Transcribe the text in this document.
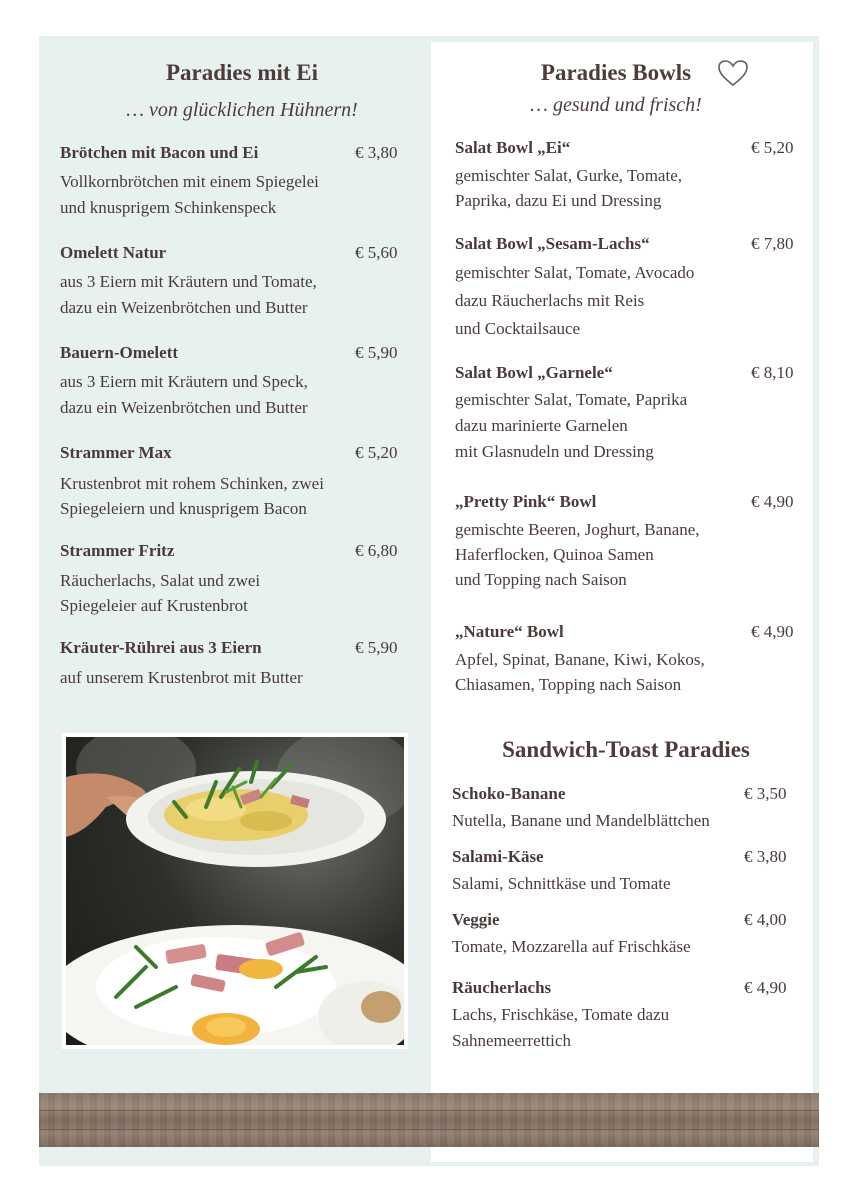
Paradies mit Ei
… von glücklichen Hühnern!
Brötchen mit Bacon und Ei	€ 3,80
Vollkornbrötchen mit einem Spiegelei
und knusprigem Schinkenspeck
Omelett Natur	€ 5,60
aus 3 Eiern mit Kräutern und Tomate,
dazu ein Weizenbrötchen und Butter
Bauern-Omelett	€ 5,90
aus 3 Eiern mit Kräutern und Speck,
dazu ein Weizenbrötchen und Butter
Strammer Max	€ 5,20
Krustenbrot mit rohem Schinken, zwei
Spiegeleiern und knusprigem Bacon
Strammer Fritz	€ 6,80
Räucherlachs, Salat und zwei
Spiegeleier auf Krustenbrot
Kräuter-Rührei aus 3 Eiern	€ 5,90
auf unserem Krustenbrot mit Butter
Paradies Bowls
… gesund und frisch!
Salat Bowl „Ei“	€ 5,20
gemischter Salat, Gurke, Tomate,
Paprika, dazu Ei und Dressing
Salat Bowl „Sesam-Lachs“	€ 7,80
gemischter Salat, Tomate, Avocado
dazu Räucherlachs mit Reis
und Cocktailsauce
Salat Bowl „Garnele“	€ 8,10
gemischter Salat, Tomate, Paprika
dazu marinierte Garnelen
mit Glasnudeln und Dressing
„Pretty Pink“ Bowl	€ 4,90
gemischte Beeren, Joghurt, Banane,
Haferflocken, Quinoa Samen
und Topping nach Saison
„Nature“ Bowl	€ 4,90
Apfel, Spinat, Banane, Kiwi, Kokos,
Chiasamen, Topping nach Saison
Sandwich-Toast Paradies
Schoko-Banane	€ 3,50
Nutella, Banane und Mandelblättchen
Salami-Käse	€ 3,80
Salami, Schnittkäse und Tomate
Veggie	€ 4,00
Tomate, Mozzarella auf Frischkäse
Räucherlachs	€ 4,90
Lachs, Frischkäse, Tomate dazu
Sahnemeerrettich
